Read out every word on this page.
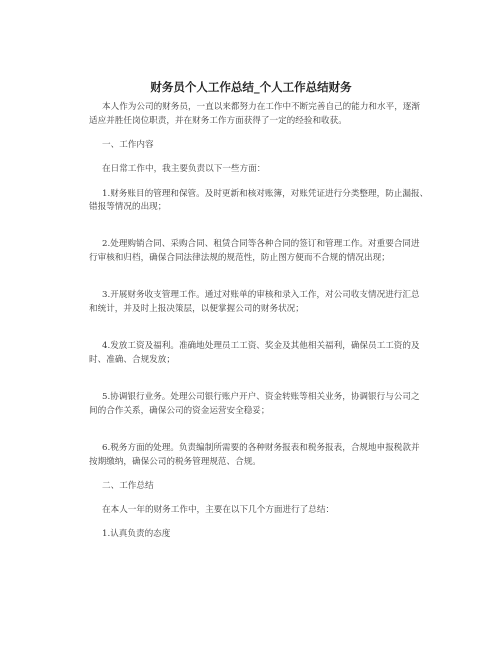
财务员个人工作总结_个人工作总结财务
本人作为公司的财务员，一直以来都努力在工作中不断完善自己的能力和水平，逐渐
适应并胜任岗位职责，并在财务工作方面获得了一定的经验和收获。
一、工作内容
在日常工作中，我主要负责以下一些方面：
1.财务账目的管理和保管。及时更新和核对账簿，对账凭证进行分类整理，防止漏报、
错报等情况的出现；
2.处理购销合同、采购合同、租赁合同等各种合同的签订和管理工作。对重要合同进
行审核和归档，确保合同法律法规的规范性，防止图方便而不合规的情况出现；
3.开展财务收支管理工作。通过对账单的审核和录入工作，对公司收支情况进行汇总
和统计，并及时上报决策层，以便掌握公司的财务状况；
4.发放工资及福利。准确地处理员工工资、奖金及其他相关福利，确保员工工资的及
时、准确、合规发放；
5.协调银行业务。处理公司银行账户开户、资金转账等相关业务，协调银行与公司之
间的合作关系，确保公司的资金运营安全稳妥；
6.税务方面的处理。负责编制所需要的各种财务报表和税务报表，合规地申报税款并
按期缴纳，确保公司的税务管理规范、合规。
二、工作总结
在本人一年的财务工作中，主要在以下几个方面进行了总结：
1.认真负责的态度
